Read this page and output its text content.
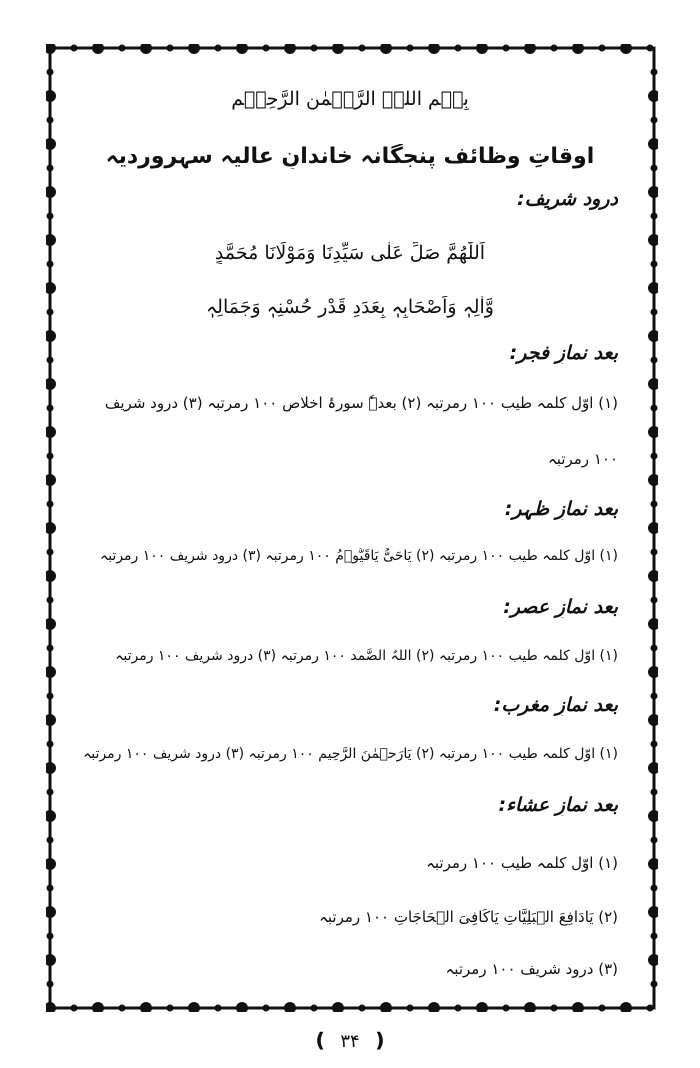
بِسۡمِ اللہِ الرَّحۡمٰنِ الرَّحِیۡمِ
اوقاتِ وظائف پنجگانہ خاندانِ عالیہ سہروردیہ
درود شریف:
اَللّٰھُمَّ صَلِّ عَلٰی سَیِّدِنَا وَمَوْلَانَا مُحَمَّدٍ
وَّاٰلِہٖ وَاَصْحَابِہٖ بِعَدَدِ قَدْرِ حُسْنِہٖ وَجَمَالِہٖ
بعد نمازِ فجر:
(۱) اوّل کلمہ طیب ۱۰۰ رمرتبہ (۲) بعدہٗ سورۂ اخلاص ۱۰۰ رمرتبہ (۳) درود شریف
۱۰۰ رمرتبہ
بعد نمازِ ظہر:
(۱) اوّل کلمہ طیب ۱۰۰ رمرتبہ (۲) یَاحَیُّ یَاقَیُّوۡمُ ۱۰۰ رمرتبہ (۳) درود شریف ۱۰۰ رمرتبہ
بعد نمازِ عصر:
(۱) اوّل کلمہ طیب ۱۰۰ رمرتبہ (۲) اللہُ الصَّمد ۱۰۰ رمرتبہ (۳) درود شریف ۱۰۰ رمرتبہ
بعد نمازِ مغرب:
(۱) اوّل کلمہ طیب ۱۰۰ رمرتبہ (۲) یَارَحۡمٰنَ الرَّحِیمِ ۱۰۰ رمرتبہ (۳) درود شریف ۱۰۰ رمرتبہ
بعد نمازِ عشاء:
(۱) اوّل کلمہ طیب ۱۰۰ رمرتبہ
(۲) یَادَافِعَ الۡبَلِیَّاتِ یَاکَافِیَ الۡحَاجَاتِ ۱۰۰ رمرتبہ
(۳) درود شریف ۱۰۰ رمرتبہ
❪ ۳۴ ❫
